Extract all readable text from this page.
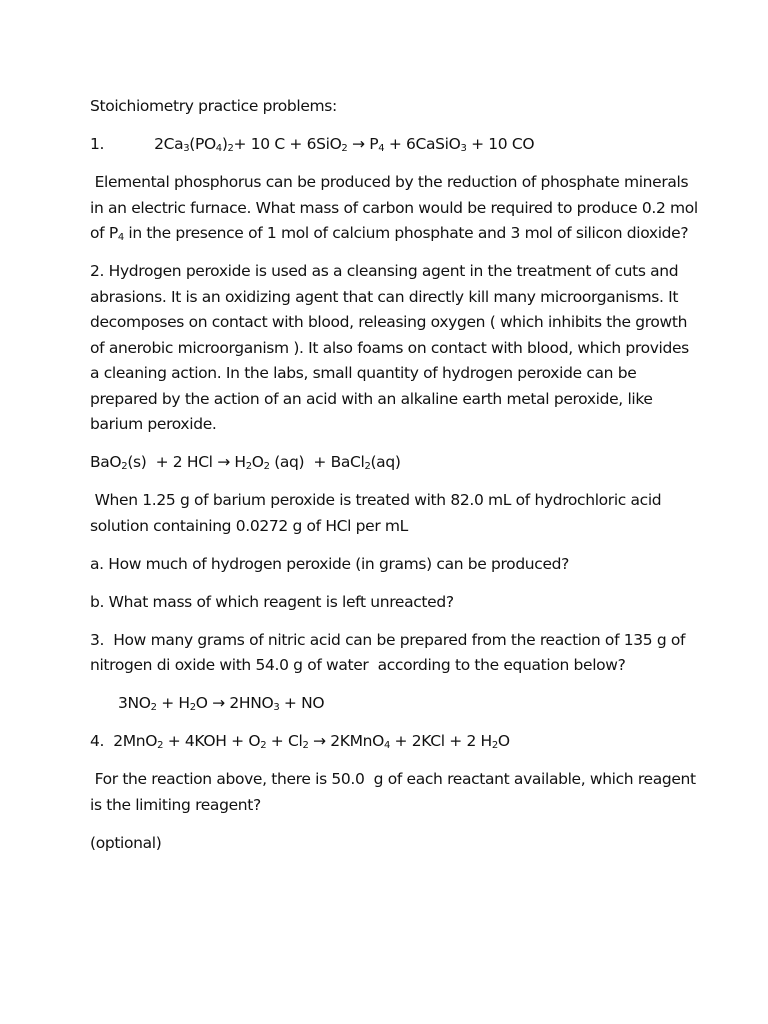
Stoichiometry practice problems:

1.	$2Ca_3(PO_4)_2+ 10$ $C + 6SiO_2 \to P_4$ + 6CaSiO$_3$ + 10 CO

Elemental phosphorus can be produced by the reduction of phosphate minerals

in an electric furnace. What mass of carbon would be required to produce 0.2 mol

of $P_4$ in the presence of 1 mol of calcium phosphate and 3 mol of silicon dioxide?

2. Hydrogen peroxide is used as a cleansing agent in the treatment of cuts and

abrasions. It is an oxidizing agent that can directly kill many microorganisms. It

decomposes on contact with blood, releasing oxygen ( which inhibits the growth

of anerobic microorganism ). It also foams on contact with blood, which provides

a cleaning action. In the labs, small quantity of hydrogen peroxide can be

prepared by the action of an acid with an alkaline earth metal peroxide, like

barium peroxide.

BaO$_2$(s)  + 2 HCl → $H_2O_2$ (aq)  + BaCl$_2$(aq)

When 1.25 g of barium peroxide is treated with 82.0 mL of hydrochloric acid

solution containing 0.0272 g of HCl per mL

a. How much of hydrogen peroxide (in grams) can be produced?

b. What mass of which reagent is left unreacted?

3.  How many grams of nitric acid can be prepared from the reaction of 135 g of

nitrogen di oxide with 54.0 g of water  according to the equation below?

$3NO_2 + H_2O \to 2HNO_3$ + NO

4.  $2MnO_2 + 4KOH + O_2 + Cl_2$ → 2KMnO$_4$ + 2KCl + 2 $H_2O$

For the reaction above, there is 50.0  g of each reactant available, which reagent

is the limiting reagent?

(optional)
